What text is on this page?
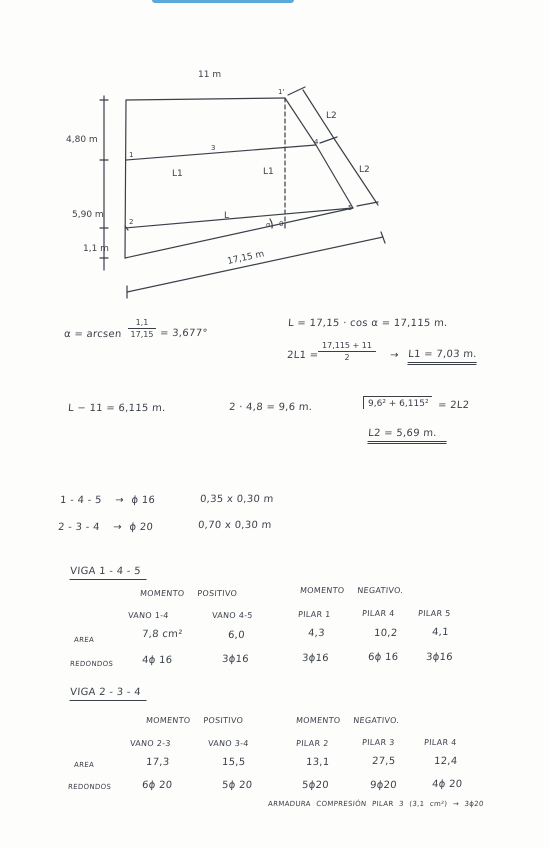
1
1'
3
4
5
2	0
α
11 m
4,80 m
5,90 m
1,1 m
17,15 m
L1	L1
L
L2
L2
α = arcsen
1,1
17,15 = 3,677°
L = 17,15 · cos α = 17,115 m.
2L1 =
17,115 + 11
2	→ L1 = 7,03 m.
L − 11 = 6,115 m.	2 · 4,8 = 9,6 m.	9,6² + 6,115² = 2L2
L2 = 5,69 m.
1 - 4 - 5 → ϕ 16	0,35 x 0,30 m
2 - 3 - 4 → ϕ 20	0,70 x 0,30 m
VIGA 1 - 4 - 5
MOMENTO POSITIVO	MOMENTO NEGATIVO.
VANO 1-4	VANO 4-5	PILAR 1	PILAR 4	PILAR 5
AREA	7,8 cm²	6,0	4,3	10,2	4,1
REDONDOS	4ϕ 16	3ϕ16	3ϕ16	6ϕ 16	3ϕ16
VIGA 2 - 3 - 4
MOMENTO POSITIVO	MOMENTO NEGATIVO.
VANO 2-3	VANO 3-4	PILAR 2	PILAR 3	PILAR 4
AREA	17,3	15,5	13,1	27,5	12,4
REDONDOS	6ϕ 20	5ϕ 20	5ϕ20	9ϕ20	4ϕ 20
ARMADURA COMPRESIÓN PILAR 3 (3,1 cm²) → 3ϕ20
